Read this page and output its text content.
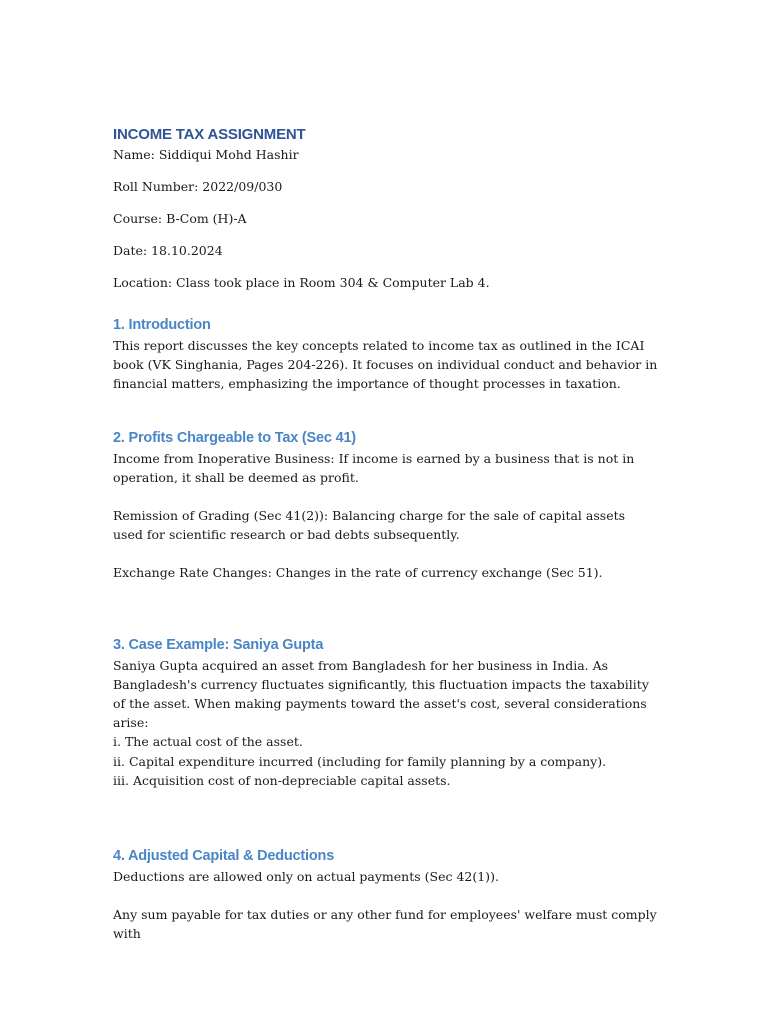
INCOME TAX ASSIGNMENT

Name: Siddiqui Mohd Hashir

Roll Number: 2022/09/030

Course: B-Com (H)-A

Date: 18.10.2024

Location: Class took place in Room 304 & Computer Lab 4.

1. Introduction

This report discusses the key concepts related to income tax as outlined in the ICAI book (VK Singhania, Pages 204-226). It focuses on individual conduct and behavior in financial matters, emphasizing the importance of thought processes in taxation.

2. Profits Chargeable to Tax (Sec 41)

Income from Inoperative Business: If income is earned by a business that is not in operation, it shall be deemed as profit.

Remission of Grading (Sec 41(2)): Balancing charge for the sale of capital assets used for scientific research or bad debts subsequently.

Exchange Rate Changes: Changes in the rate of currency exchange (Sec 51).

3. Case Example: Saniya Gupta

Saniya Gupta acquired an asset from Bangladesh for her business in India. As Bangladesh's currency fluctuates significantly, this fluctuation impacts the taxability of the asset. When making payments toward the asset's cost, several considerations arise:

i. The actual cost of the asset.

ii. Capital expenditure incurred (including for family planning by a company).

iii. Acquisition cost of non-depreciable capital assets.

4. Adjusted Capital & Deductions

Deductions are allowed only on actual payments (Sec 42(1)).

Any sum payable for tax duties or any other fund for employees' welfare must comply with
